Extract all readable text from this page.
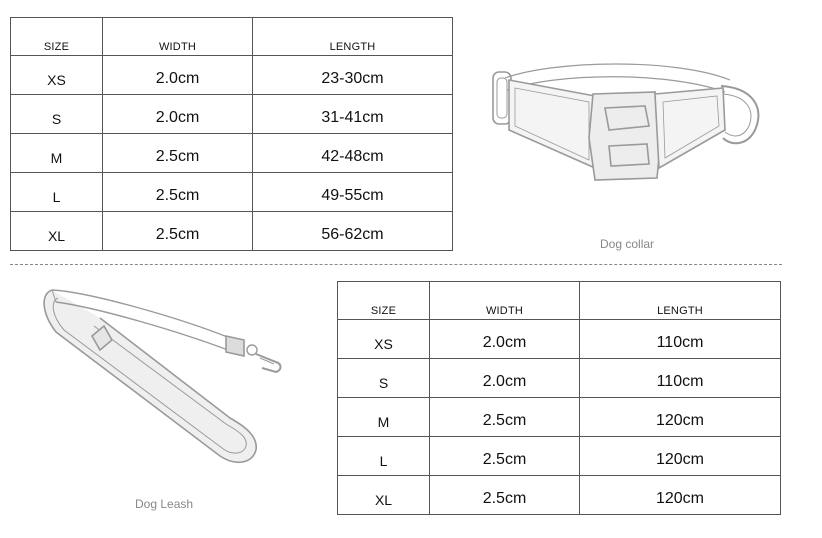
SIZE	WIDTH	LENGTH
XS	2.0cm	23-30cm
S	2.0cm	31-41cm
M	2.5cm	42-48cm
L	2.5cm	49-55cm
XL	2.5cm	56-62cm
Dog collar
Dog Leash
SIZE	WIDTH	LENGTH
XS	2.0cm	110cm
S	2.0cm	110cm
M	2.5cm	120cm
L	2.5cm	120cm
XL	2.5cm	120cm
